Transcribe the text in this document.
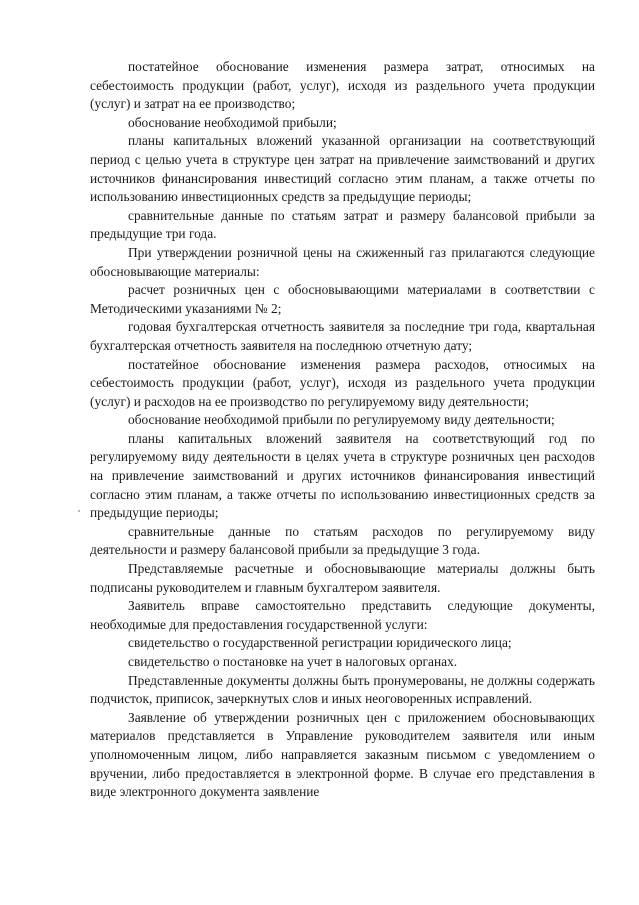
постатейное обоснование изменения размера затрат, относимых на себестоимость продукции (работ, услуг), исходя из раздельного учета продукции (услуг) и затрат на ее производство;

обоснование необходимой прибыли;

планы капитальных вложений указанной организации на соответствующий период с целью учета в структуре цен затрат на привлечение заимствований и других источников финансирования инвестиций согласно этим планам, а также отчеты по использованию инвестиционных средств за предыдущие периоды;

сравнительные данные по статьям затрат и размеру балансовой прибыли за предыдущие три года.

При утверждении розничной цены на сжиженный газ прилагаются следующие обосновывающие материалы:

расчет розничных цен с обосновывающими материалами в соответствии с Методическими указаниями № 2;

годовая бухгалтерская отчетность заявителя за последние три года, квартальная бухгалтерская отчетность заявителя на последнюю отчетную дату;

постатейное обоснование изменения размера расходов, относимых на себестоимость продукции (работ, услуг), исходя из раздельного учета продукции (услуг) и расходов на ее производство по регулируемому виду деятельности;

обоснование необходимой прибыли по регулируемому виду деятельности;

планы капитальных вложений заявителя на соответствующий год по регулируемому виду деятельности в целях учета в структуре розничных цен расходов на привлечение заимствований и других источников финансирования инвестиций согласно этим планам, а также отчеты по использованию инвестиционных средств за предыдущие периоды;

сравнительные данные по статьям расходов по регулируемому виду деятельности и размеру балансовой прибыли за предыдущие 3 года.

Представляемые расчетные и обосновывающие материалы должны быть подписаны руководителем и главным бухгалтером заявителя.

Заявитель вправе самостоятельно представить следующие документы, необходимые для предоставления государственной услуги:

свидетельство о государственной регистрации юридического лица;

свидетельство о постановке на учет в налоговых органах.

Представленные документы должны быть пронумерованы, не должны содержать подчисток, приписок, зачеркнутых слов и иных неоговоренных исправлений.

Заявление об утверждении розничных цен с приложением обосновывающих материалов представляется в Управление руководителем заявителя или иным уполномоченным лицом, либо направляется заказным письмом с уведомлением о вручении, либо предоставляется в электронной форме. В случае его представления в виде электронного документа заявление
